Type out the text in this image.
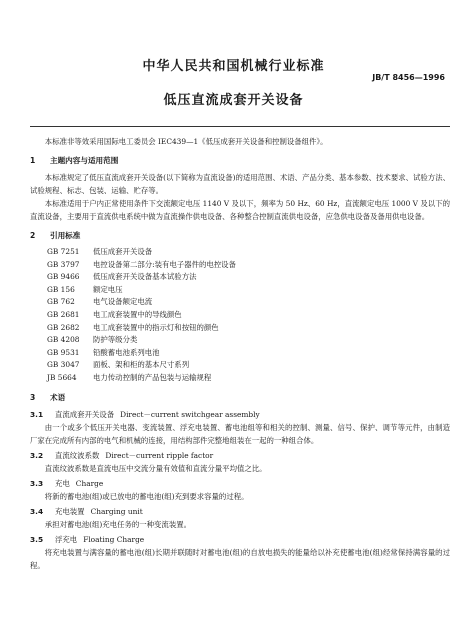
中华人民共和国机械行业标准
JB/T 8456—1996
低压直流成套开关设备

本标准非等效采用国际电工委员会 IEC439—1《低压成套开关设备和控制设备组件》。

1 主题内容与适用范围

本标准规定了低压直流成套开关设备(以下简称为直流设备)的适用范围、术语、产品分类、基本参数、技术要求、试验方法、试验规程、标志、包装、运输、贮存等。

本标准适用于户内正常使用条件下交流额定电压 1140 V 及以下，频率为 50 Hz、60 Hz，直流额定电压 1000 V 及以下的直流设备，主要用于直流供电系统中做为直流操作供电设备、各种整合控制直流供电设备，应急供电设备及备用供电设备。

2 引用标准
GB 7251	低压成套开关设备
GB 3797	电控设备第二部分:装有电子器件的电控设备
GB 9466	低压成套开关设备基本试验方法
GB 156	额定电压
GB 762	电气设备额定电流
GB 2681	电工成套装置中的导线颜色
GB 2682	电工成套装置中的指示灯和按钮的颜色
GB 4208	防护等级分类
GB 9531	铅酸蓄电池系列电池
GB 3047	面板、架和柜的基本尺寸系列
JB 5664	电力传动控制的产品包装与运输规程
3 术语
3.1 直流成套开关设备 Direct－current switchgear assembly

由一个或多个低压开关电器、变流装置、浮充电装置、蓄电池组等和相关的控制、测量、信号、保护、调节等元件，由制造厂家在完成所有内部的电气和机械的连接，用结构部件完整地组装在一起的一种组合体。

3.2 直流纹波系数 Direct－current ripple factor

直流纹波系数是直流电压中交流分量有效值和直流分量平均值之比。

3.3 充电 Charge

将新的蓄电池(组)或已放电的蓄电池(组)充到要求容量的过程。

3.4 充电装置 Charging unit

承担对蓄电池(组)充电任务的一种变流装置。

3.5 浮充电 Floating Charge

将充电装置与满容量的蓄电池(组)长期并联随时对蓄电池(组)的自放电损失的能量给以补充使蓄电池(组)经常保持满容量的过程。
